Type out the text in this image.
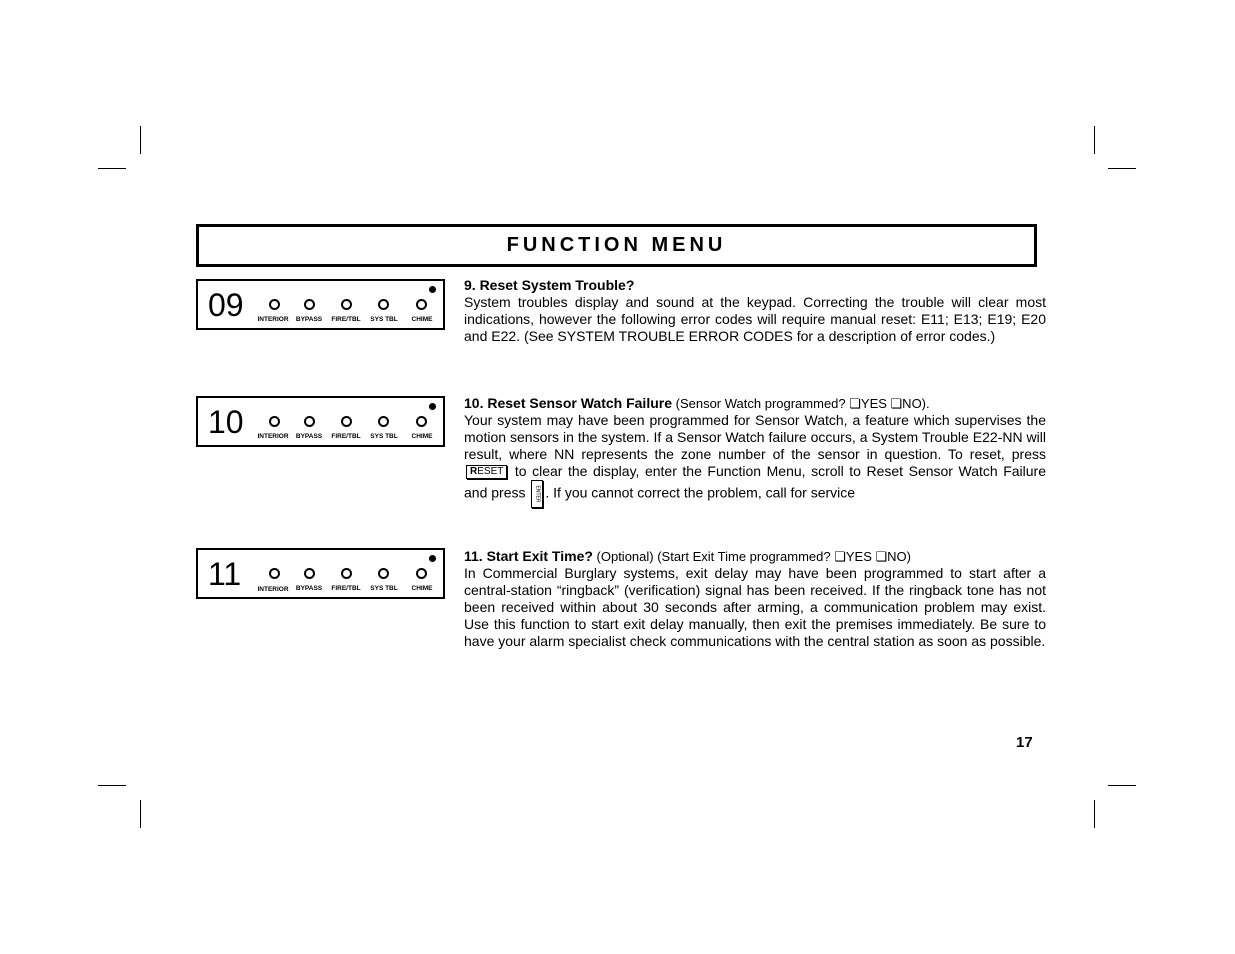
FUNCTION MENU
09 INTERIOR BYPASS FIRE/TBL SYS TBL CHIME
10 INTERIOR BYPASS FIRE/TBL SYS TBL CHIME
11	INTERIOR BYPASS FIRE/TBL SYS TBL CHIME
9. Reset System Trouble?

System troubles display and sound at the keypad. Correcting the trouble will clear most indications, however the following error codes will require manual reset: E11; E13; E19; E20 and E22. (See SYSTEM TROUBLE ERROR CODES for a description of error codes.)

10. Reset Sensor Watch Failure (Sensor Watch programmed? ❏YES ❏NO).

Your system may have been programmed for Sensor Watch, a feature which supervises the motion sensors in the system. If a Sensor Watch failure occurs, a System Trouble E22-NN will result, where NN represents the zone number of the sensor in question. To reset, press RESET to clear the display, enter the Function Menu, scroll to Reset Sensor Watch Failure and press	ENTER . If you cannot correct the problem, call for service

11. Start Exit Time? (Optional) (Start Exit Time programmed? ❏YES ❏NO)

In Commercial Burglary systems, exit delay may have been programmed to start after a central-station “ringback” (verification) signal has been received. If the ringback tone has not been received within about 30 seconds after arming, a communication problem may exist. Use this function to start exit delay manually, then exit the premises immediately. Be sure to have your alarm specialist check communications with the central station as soon as possible.

17
